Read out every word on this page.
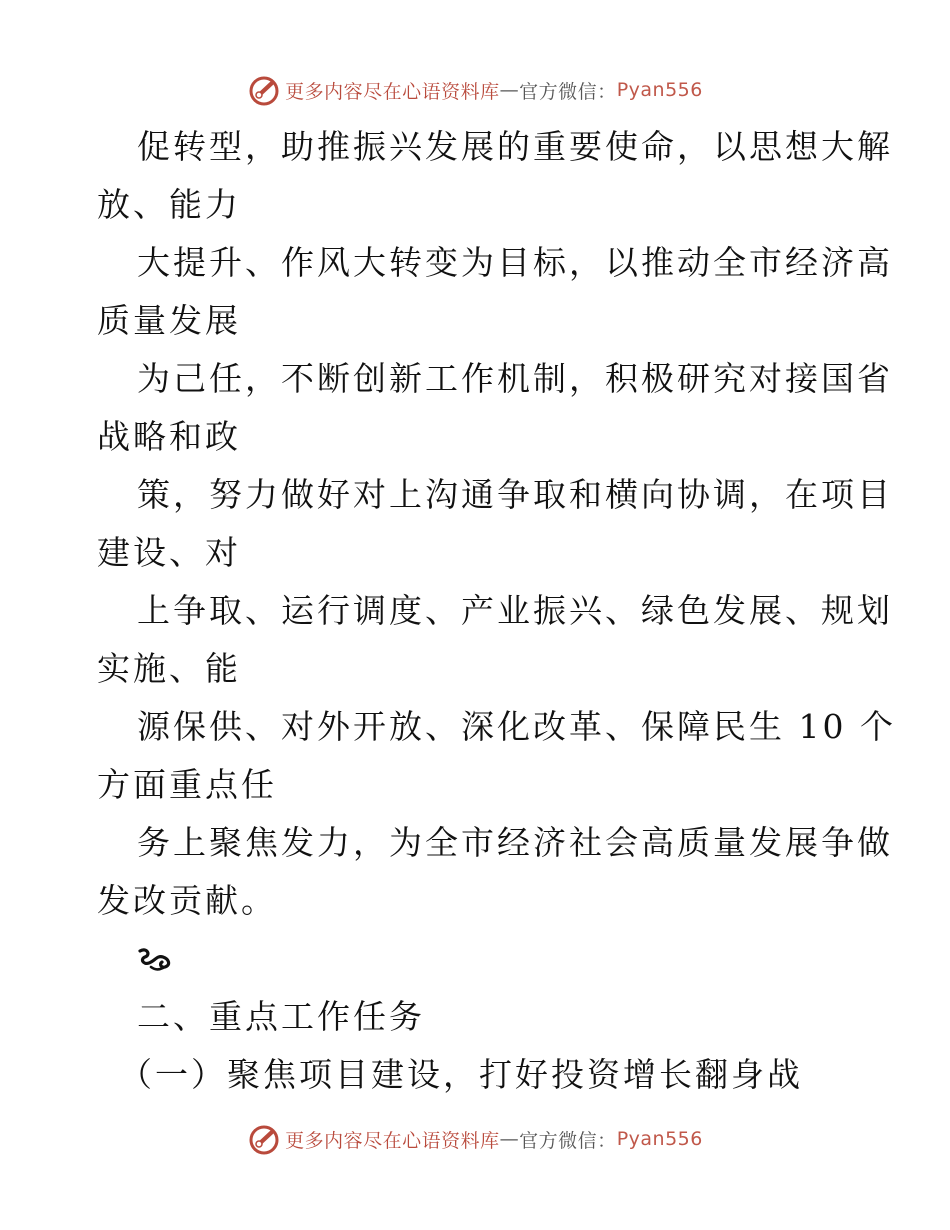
更多内容尽在心语资料库 — 官方微信： Pyan556
促转型，助推振兴发展的重要使命，以思想大解
放、能力
大提升、作风大转变为目标，以推动全市经济高
质量发展
为己任，不断创新工作机制，积极研究对接国省
战略和政
策，努力做好对上沟通争取和横向协调，在项目
建设、对
上争取、运行调度、产业振兴、绿色发展、规划
实施、能
源保供、对外开放、深化改革、保障民生 10 个
方面重点任
务上聚焦发力，为全市经济社会高质量发展争做
发改贡献。
二、重点工作任务
（一）聚焦项目建设，打好投资增长翻身战
更多内容尽在心语资料库 — 官方微信： Pyan556
